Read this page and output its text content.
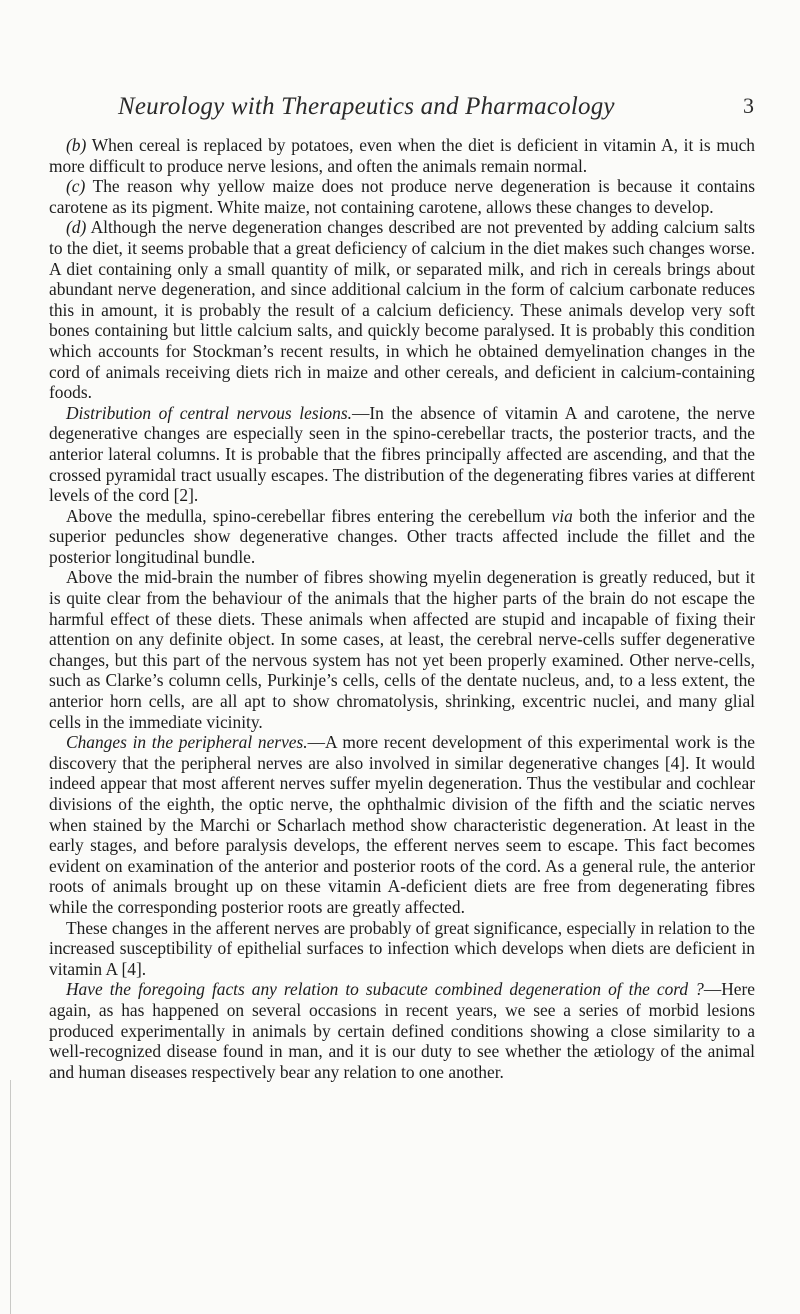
Neurology with Therapeutics and Pharmacology	3

(b) When cereal is replaced by potatoes, even when the diet is deficient in vitamin A, it is much more difficult to produce nerve lesions, and often the animals remain normal.

(c) The reason why yellow maize does not produce nerve degeneration is because it contains carotene as its pigment. White maize, not containing carotene, allows these changes to develop.

(d) Although the nerve degeneration changes described are not prevented by adding calcium salts to the diet, it seems probable that a great deficiency of calcium in the diet makes such changes worse. A diet containing only a small quantity of milk, or separated milk, and rich in cereals brings about abundant nerve degeneration, and since additional calcium in the form of calcium carbonate reduces this in amount, it is probably the result of a calcium deficiency. These animals develop very soft bones containing but little calcium salts, and quickly become paralysed. It is probably this condition which accounts for Stockman’s recent results, in which he obtained demyelination changes in the cord of animals receiving diets rich in maize and other cereals, and deficient in calcium-containing foods.

Distribution of central nervous lesions.—In the absence of vitamin A and carotene, the nerve degenerative changes are especially seen in the spino-cerebellar tracts, the posterior tracts, and the anterior lateral columns. It is probable that the fibres principally affected are ascending, and that the crossed pyramidal tract usually escapes. The distribution of the degenerating fibres varies at different levels of the cord [2].

Above the medulla, spino-cerebellar fibres entering the cerebellum via both the inferior and the superior peduncles show degenerative changes. Other tracts affected include the fillet and the posterior longitudinal bundle.

Above the mid-brain the number of fibres showing myelin degeneration is greatly reduced, but it is quite clear from the behaviour of the animals that the higher parts of the brain do not escape the harmful effect of these diets. These animals when affected are stupid and incapable of fixing their attention on any definite object. In some cases, at least, the cerebral nerve-cells suffer degenerative changes, but this part of the nervous system has not yet been properly examined. Other nerve-cells, such as Clarke’s column cells, Purkinje’s cells, cells of the dentate nucleus, and, to a less extent, the anterior horn cells, are all apt to show chromatolysis, shrinking, excentric nuclei, and many glial cells in the immediate vicinity.

Changes in the peripheral nerves.—A more recent development of this experimental work is the discovery that the peripheral nerves are also involved in similar degenerative changes [4]. It would indeed appear that most afferent nerves suffer myelin degeneration. Thus the vestibular and cochlear divisions of the eighth, the optic nerve, the ophthalmic division of the fifth and the sciatic nerves when stained by the Marchi or Scharlach method show characteristic degeneration. At least in the early stages, and before paralysis develops, the efferent nerves seem to escape. This fact becomes evident on examination of the anterior and posterior roots of the cord. As a general rule, the anterior roots of animals brought up on these vitamin A-deficient diets are free from degenerating fibres while the corresponding posterior roots are greatly affected.

These changes in the afferent nerves are probably of great significance, especially in relation to the increased susceptibility of epithelial surfaces to infection which develops when diets are deficient in vitamin A [4].

Have the foregoing facts any relation to subacute combined degeneration of the cord ?—Here again, as has happened on several occasions in recent years, we see a series of morbid lesions produced experimentally in animals by certain defined conditions showing a close similarity to a well-recognized disease found in man, and it is our duty to see whether the ætiology of the animal and human diseases respectively bear any relation to one another.
